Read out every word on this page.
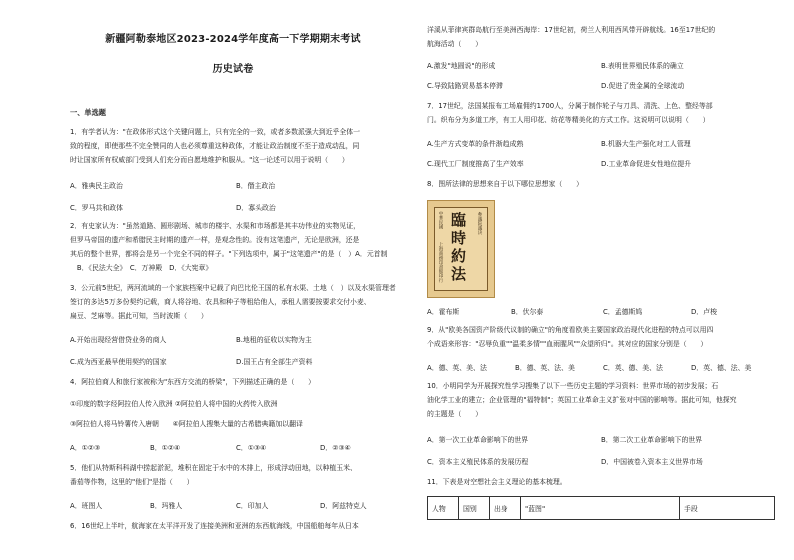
新疆阿勒泰地区2023-2024学年度高一下学期期末考试
历史试卷
一、单选题
1．有学者认为："在政体形式这个关键问题上，只有完全的一致，或者多数派强大到近乎全体一
致的程度，即使那些不完全赞同的人也必须尊重这种政体，才能让政治制度不至于造成动乱，同
时让国家所有权威部门受到人们充分而自愿地维护和服从。"这一论述可以用于说明（　　）
A．雅典民主政治	B．僭主政治
C．罗马共和政体	D．寡头政治
2．有史家认为："虽然道路、圆形剧场、城市的楼宇、水渠和市场都是其丰功伟业的实物见证，
但罗马帝国的遗产和希腊民主时期的遗产一样，是观念性的。没有这笔遗产，无论是欧洲，还是
其后的整个世界，都将会是另一个完全不同的样子。"下列选项中，属于"这笔遗产"的是（　）A．元首制
　B．《民法大全》　C．万神殿　D．《大宪章》
3．公元前5世纪，两河流域的一个家族档案中记载了向巴比伦王国的私有水渠、土地（　）以及水渠管理者
签订的多达5万多份契约记载，商人将谷地、农具和种子等租给他人，承租人需要按要求交付小麦、
扁豆、芝麻等。据此可知，当时波斯（　　）
A.开始出现经营借贷业务的商人	B.地租的征收以实物为主
C.成为西亚最早使用契约的国家	D.国王占有全部生产资料
4．阿拉伯商人和旅行家被称为"东西方交流的桥梁"，下列描述正确的是（　　）
①印度的数字经阿拉伯人传入欧洲 ②阿拉伯人将中国的火药传入欧洲
③阿拉伯人将马铃薯传入唐朝　　④阿拉伯人搜集大量的古希腊典籍加以翻译
A．①②③	B．①②④	C．①③④	D．②③④
5．他们从特斯科科湖中捞起淤泥，堆积在固定于水中的木排上，形成浮动田地，以种植玉米、
番茄等作物，这里的"他们"是指（　　）
A．班图人	B．玛雅人	C．印加人	D．阿兹特克人
6．16世纪上半叶，航海家在太平洋开发了连接美洲和亚洲的东西航海线，中国船舶每年从日本
洋溪从菲律宾群岛航行至美洲西海岸：17世纪初，荷兰人利用西风带开辟航线。16至17世纪的
航海活动（　　）
A.激发"地圆说"的形成	B.表明世界殖民体系的确立
C.导致陆路贸易基本停滞	D.促进了贵金属的全球流动
7．17世纪，法国某报布工场雇佣约1700人，分属于制作轮子与刀具、清洗、上色、整经等部
门。织布分为多道工序，有工人用印花、纺花等精美化的方式工作。这说明可以说明（　　）
A.生产方式变革的条件渐趋成熟	B.机器大生产强化对工人管理
C.现代工厂制度推高了生产效率	D.工业革命促进女性地位提升
8．图所法律的思想来自于以下哪位思想家（　　）
中華民國	參議院議決
臨
時
約
法
上海商務印書館印行
A．霍布斯	B．伏尔泰	C．孟德斯鸠	D．卢梭
9．从"欧美各国资产阶级代议制的确立"的角度看欧美主要国家政治现代化进程的特点可以用四
个成语来形容："忍辱负重""温柔多情""血雨腥风""众望所归"。其对应的国家分别是（　　）
A．德、英、美、法	B．德、英、法、美	C．英、德、美、法	D．英、德、法、美
10．小明同学为开展探究性学习搜集了以下一些历史主题的学习资料：世界市场的初步发展；石
油化学工业的建立；企业管理的"福特制"；英国工业革命主义扩张对中国的影响等。据此可知，他探究
的主题是（　　）
A．第一次工业革命影响下的世界	B．第二次工业革命影响下的世界
C．资本主义殖民体系的发展历程	D．中国被卷入资本主义世界市场
11．下表是对空想社会主义理论的基本梳理。
人物	国别	出身	"蓝图"	手段
